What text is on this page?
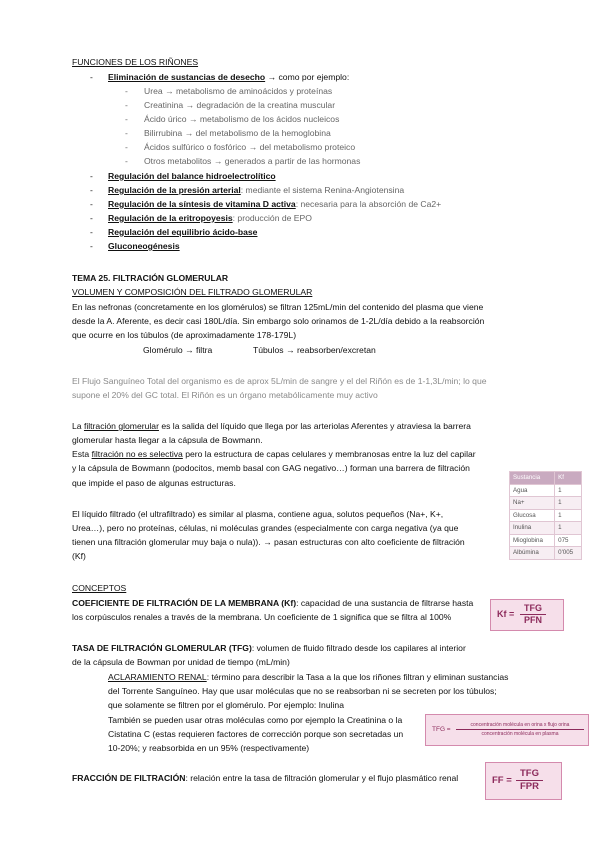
FUNCIONES DE LOS RIÑONES
- Eliminación de sustancias de desecho → como por ejemplo:
- Urea → metabolismo de aminoácidos y proteínas
- Creatinina → degradación de la creatina muscular
- Ácido úrico → metabolismo de los ácidos nucleicos
- Bilirrubina → del metabolismo de la hemoglobina
- Ácidos sulfúrico o fosfórico → del metabolismo proteico
- Otros metabolitos → generados a partir de las hormonas
- Regulación del balance hidroelectrolítico
- Regulación de la presión arterial: mediante el sistema Renina-Angiotensina
- Regulación de la síntesis de vitamina D activa: necesaria para la absorción de Ca2+
- Regulación de la eritropoyesis: producción de EPO
- Regulación del equilibrio ácido-base
- Gluconeogénesis
TEMA 25. FILTRACIÓN GLOMERULAR
VOLUMEN Y COMPOSICIÓN DEL FILTRADO GLOMERULAR
En las nefronas (concretamente en los glomérulos) se filtran 125mL/min del contenido del plasma que viene
desde la A. Aferente, es decir casi 180L/día. Sin embargo solo orinamos de 1-2L/día debido a la reabsorción
que ocurre en los túbulos (de aproximadamente 178-179L)
Glomérulo → filtra	Túbulos → reabsorben/excretan
El Flujo Sanguíneo Total del organismo es de aprox 5L/min de sangre y el del Riñón es de 1-1,3L/min; lo que
supone el 20% del GC total. El Riñón es un órgano metabólicamente muy activo
La filtración glomerular es la salida del líquido que llega por las arteriolas Aferentes y atraviesa la barrera
glomerular hasta llegar a la cápsula de Bowmann.
Esta filtración no es selectiva pero la estructura de capas celulares y membranosas entre la luz del capilar
y la cápsula de Bowmann (podocitos, memb basal con GAG negativo…) forman una barrera de filtración
que impide el paso de algunas estructuras.
El líquido filtrado (el ultrafiltrado) es similar al plasma, contiene agua, solutos pequeños (Na+, K+,
Urea…), pero no proteínas, células, ni moléculas grandes (especialmente con carga negativa (ya que
tienen una filtración glomerular muy baja o nula)). → pasan estructuras con alto coeficiente de filtración
(Kf)
Sustancia	Kf
Agua	1
Na+	1
Glucosa	1
Inulina	1
Mioglobina	075
Albúmina	0'005
CONCEPTOS
COEFICIENTE DE FILTRACIÓN DE LA MEMBRANA (Kf): capacidad de una sustancia de filtrarse hasta
los corpúsculos renales a través de la membrana. Un coeficiente de 1 significa que se filtra al 100%	Kf =
TFG
PFN
TASA DE FILTRACIÓN GLOMERULAR (TFG): volumen de fluido filtrado desde los capilares al interior
de la cápsula de Bowman por unidad de tiempo (mL/min)
ACLARAMIENTO RENAL: término para describir la Tasa a la que los riñones filtran y eliminan sustancias
del Torrente Sanguíneo. Hay que usar moléculas que no se reabsorban ni se secreten por los túbulos;
que solamente se filtren por el glomérulo. Por ejemplo: Inulina
También se pueden usar otras moléculas como por ejemplo la Creatinina o la
Cistatina C (estas requieren factores de corrección porque son secretadas un
10-20%; y reabsorbida en un 95% (respectivamente)
TFG =
concentración molécula en orina x flujo orina
concentración molécula en plasma
FRACCIÓN DE FILTRACIÓN: relación entre la tasa de filtración glomerular y el flujo plasmático renal	FF =
TFG
FPR
